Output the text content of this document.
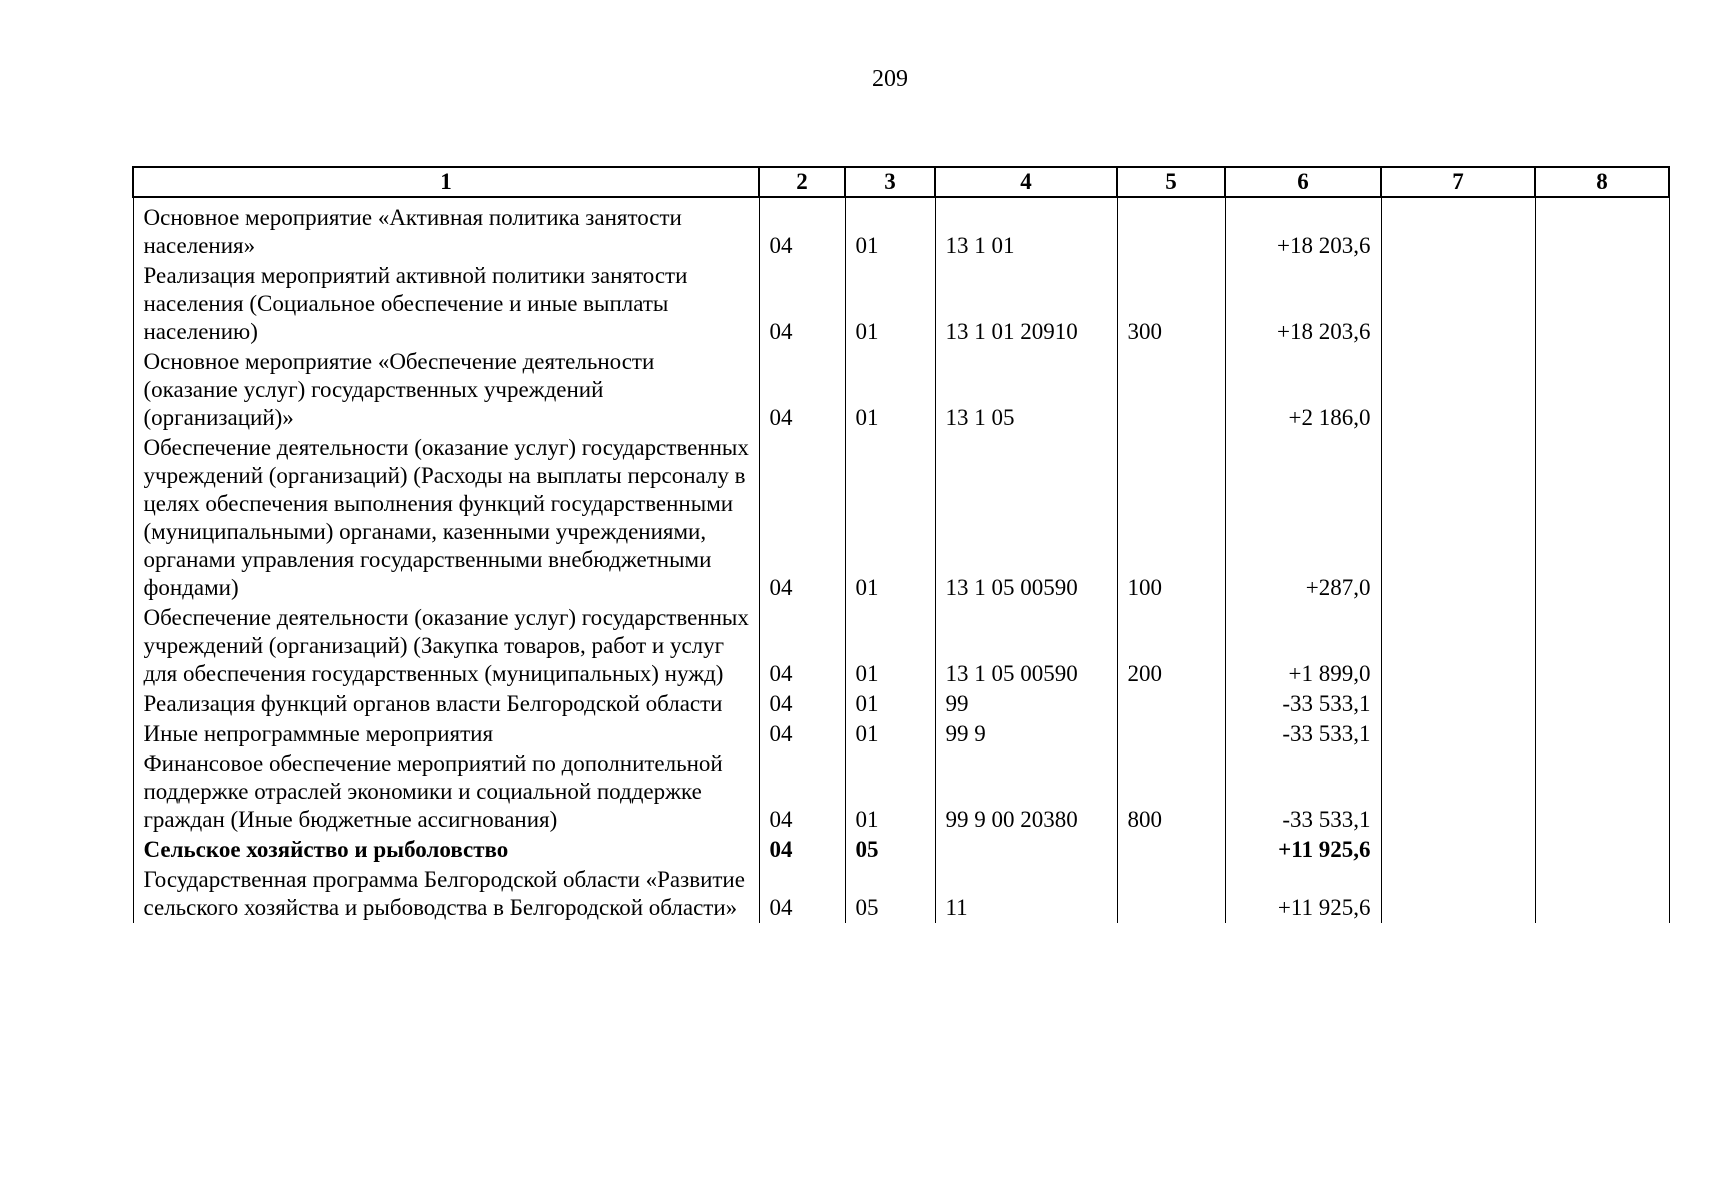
209
1	2	3	4	5	6	7	8
Основное мероприятие «Активная политика занятости населения»	04	01	13 1 01		+18 203,6		
Реализация мероприятий активной политики занятости населения (Социальное обеспечение и иные выплаты населению)	04	01	13 1 01 20910	300	+18 203,6		
Основное мероприятие «Обеспечение деятельности (оказание услуг) государственных учреждений (организаций)»	04	01	13 1 05		+2 186,0		
Обеспечение деятельности (оказание услуг) государственных учреждений (организаций) (Расходы на выплаты персоналу в целях обеспечения выполнения функций государственными (муниципальными) органами, казенными учреждениями, органами управления государственными внебюджетными фондами)	04	01	13 1 05 00590	100	+287,0		
Обеспечение деятельности (оказание услуг) государственных учреждений (организаций) (Закупка товаров, работ и услуг для обеспечения государственных (муниципальных) нужд)	04	01	13 1 05 00590	200	+1 899,0		
Реализация функций органов власти Белгородской области	04	01	99		-33 533,1		
Иные непрограммные мероприятия	04	01	99 9		-33 533,1		
Финансовое обеспечение мероприятий по дополнительной поддержке отраслей экономики и социальной поддержке граждан (Иные бюджетные ассигнования)	04	01	99 9 00 20380	800	-33 533,1		
Сельское хозяйство и рыболовство	04	05			+11 925,6		
Государственная программа Белгородской области «Развитие сельского хозяйства и рыбоводства в Белгородской области»	04	05	11		+11 925,6		
